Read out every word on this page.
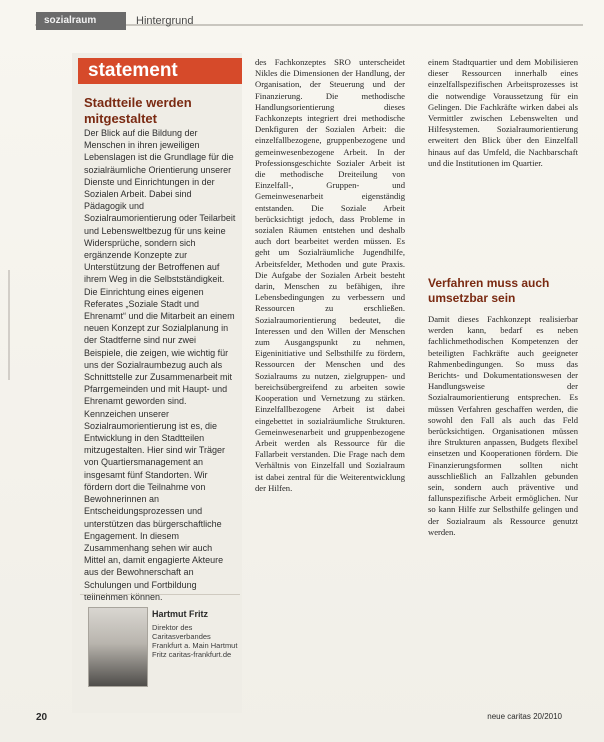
sozialraum	Hintergrund
statement
Stadtteile werden mitgestaltet
Der Blick auf die Bildung der Menschen in ihren jeweiligen Lebenslagen ist die Grundlage für die sozialräumliche Orientierung unserer Dienste und Einrichtungen in der Sozialen Arbeit. Dabei sind Pädagogik und Sozialraumorientierung oder Teilarbeit und Lebensweltbezug für uns keine Widersprüche, sondern sich ergänzende Konzepte zur Unterstützung der Betroffenen auf ihrem Weg in die Selbstständigkeit. Die Einrichtung eines eigenen Referates „Soziale Stadt und Ehrenamt“ und die Mitarbeit an einem neuen Konzept zur Sozialplanung in der Stadtferne sind nur zwei Beispiele, die zeigen, wie wichtig für uns der Sozialraumbezug auch als Schnittstelle zur Zusammenarbeit mit Pfarrgemeinden und mit Haupt- und Ehrenamt geworden sind. Kennzeichen unserer Sozialraumorientierung ist es, die Entwicklung in den Stadtteilen mitzugestalten. Hier sind wir Träger von Quartiersmanagement an insgesamt fünf Standorten. Wir fördern dort die Teilnahme von Bewohnerinnen an Entscheidungsprozessen und unterstützen das bürgerschaftliche Engagement. In diesem Zusammenhang sehen wir auch Mittel an, damit engagierte Akteure aus der Bewohnerschaft an Schulungen und Fortbildung teilnehmen können.
Hartmut Fritz
Direktor des Caritasverbandes Frankfurt a. Main Hartmut Fritz caritas-frankfurt.de
des Fachkonzeptes SRO unterscheidet Nikles die Dimensionen der Handlung, der Organisation, der Steuerung und der Finanzierung. Die methodische Handlungsorientierung dieses Fachkonzepts integriert drei methodische Denkfiguren der Sozialen Arbeit: die einzelfallbezogene, gruppenbezogene und gemeinwesenbezogene Arbeit. In der Professionsgeschichte Sozialer Arbeit ist die methodische Dreiteilung von Einzelfall-, Gruppen- und Gemeinwesenarbeit eigenständig entstanden. Die Soziale Arbeit berücksichtigt jedoch, dass Probleme in sozialen Räumen entstehen und deshalb auch dort bearbeitet werden müssen. Es geht um Sozialräumliche Jugendhilfe, Arbeitsfelder, Methoden und gute Praxis. Die Aufgabe der Sozialen Arbeit besteht darin, Menschen zu befähigen, ihre Lebensbedingungen zu verbessern und Ressourcen zu erschließen. Sozialraumorientierung bedeutet, die Interessen und den Willen der Menschen zum Ausgangspunkt zu nehmen, Eigeninitiative und Selbsthilfe zu fördern, Ressourcen der Menschen und des Sozialraums zu nutzen, zielgruppen- und bereichsübergreifend zu arbeiten sowie Kooperation und Vernetzung zu stärken. Einzelfallbezogene Arbeit ist dabei eingebettet in sozialräumliche Strukturen. Gemeinwesenarbeit und gruppenbezogene Arbeit werden als Ressource für die Fallarbeit verstanden. Die Frage nach dem Verhältnis von Einzelfall und Sozialraum ist dabei zentral für die Weiterentwicklung der Hilfen.
einem Stadtquartier und dem Mobilisieren dieser Ressourcen innerhalb eines einzelfallspezifischen Arbeitsprozesses ist die notwendige Voraussetzung für ein Gelingen. Die Fachkräfte wirken dabei als Vermittler zwischen Lebenswelten und Hilfesystemen. Sozialraumorientierung erweitert den Blick über den Einzelfall hinaus auf das Umfeld, die Nachbarschaft und die Institutionen im Quartier.
Verfahren muss auch umsetzbar sein
Damit dieses Fachkonzept realisierbar werden kann, bedarf es neben fachlichmethodischen Kompetenzen der beteiligten Fachkräfte auch geeigneter Rahmenbedingungen. So muss das Berichts- und Dokumentationswesen der Handlungsweise der Sozialraumorientierung entsprechen. Es müssen Verfahren geschaffen werden, die sowohl den Fall als auch das Feld berücksichtigen. Organisationen müssen ihre Strukturen anpassen, Budgets flexibel einsetzen und Kooperationen fördern. Die Finanzierungsformen sollten nicht ausschließlich an Fallzahlen gebunden sein, sondern auch präventive und fallunspezifische Arbeit ermöglichen. Nur so kann Hilfe zur Selbsthilfe gelingen und der Sozialraum als Ressource genutzt werden.
20	neue caritas 20/2010
